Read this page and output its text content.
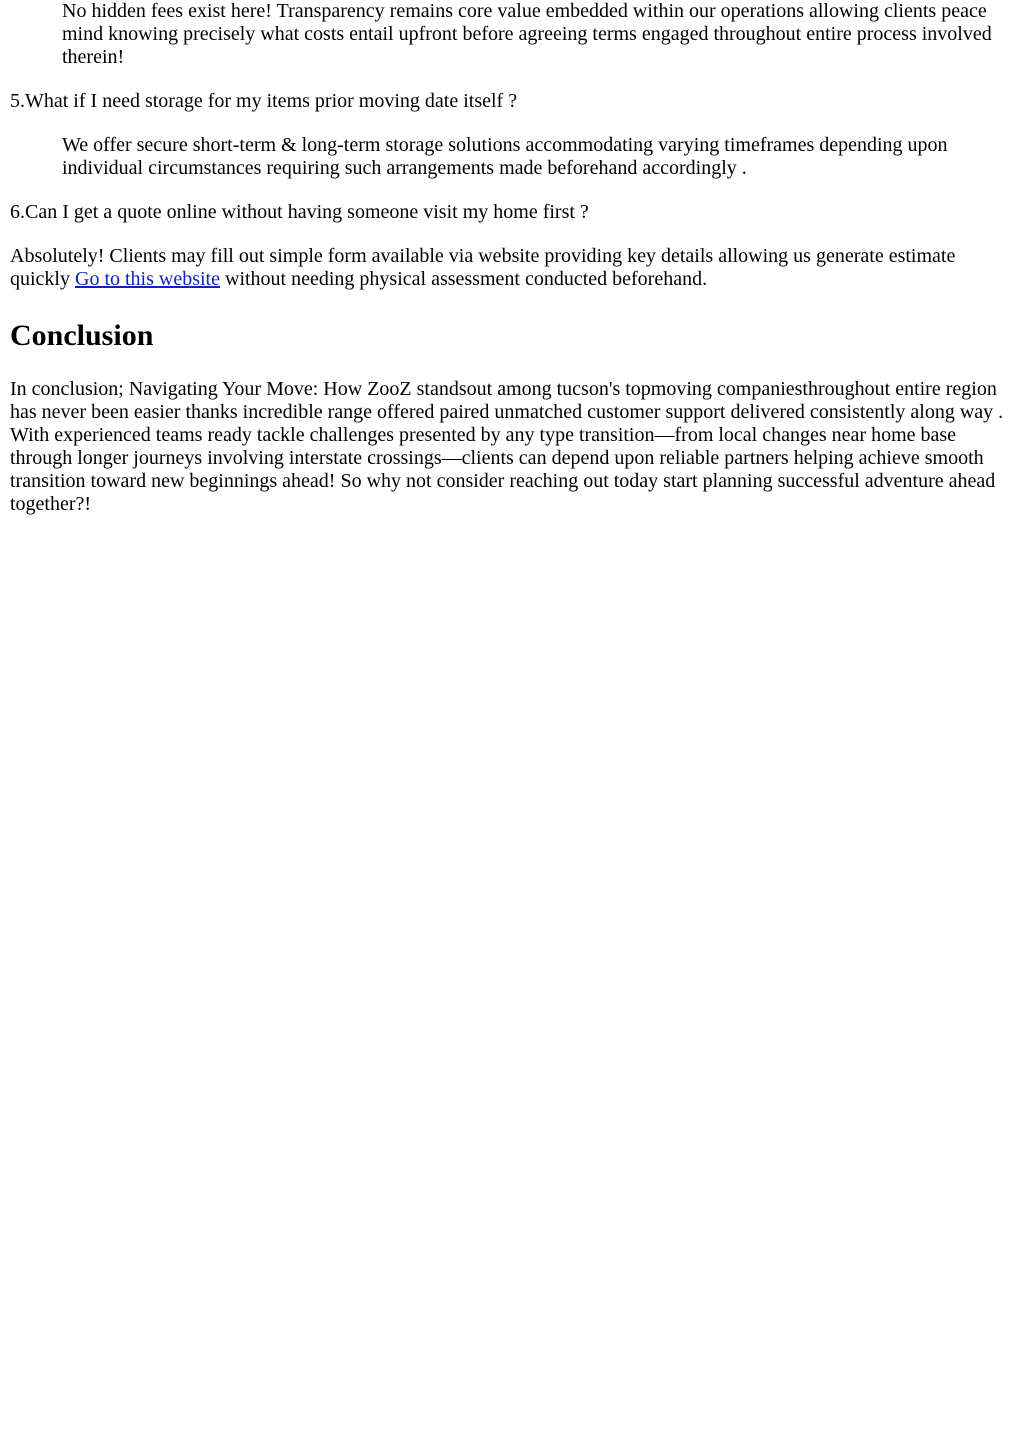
No hidden fees exist here! Transparency remains core value embedded within our operations allowing clients peace mind knowing precisely what costs entail upfront before agreeing terms engaged throughout entire process involved therein!

5.What if I need storage for my items prior moving date itself ?

We offer secure short-term & long-term storage solutions accommodating varying timeframes depending upon individual circumstances requiring such arrangements made beforehand accordingly .

6.Can I get a quote online without having someone visit my home first ?

Absolutely! Clients may fill out simple form available via website providing key details allowing us generate estimate quickly Go to this website without needing physical assessment conducted beforehand.

Conclusion

In conclusion; Navigating Your Move: How ZooZ standsout among tucson's topmoving companiesthroughout entire region has never been easier thanks incredible range offered paired unmatched customer support delivered consistently along way . With experienced teams ready tackle challenges presented by any type transition—from local changes near home base through longer journeys involving interstate crossings—clients can depend upon reliable partners helping achieve smooth transition toward new beginnings ahead! So why not consider reaching out today start planning successful adventure ahead together?!
